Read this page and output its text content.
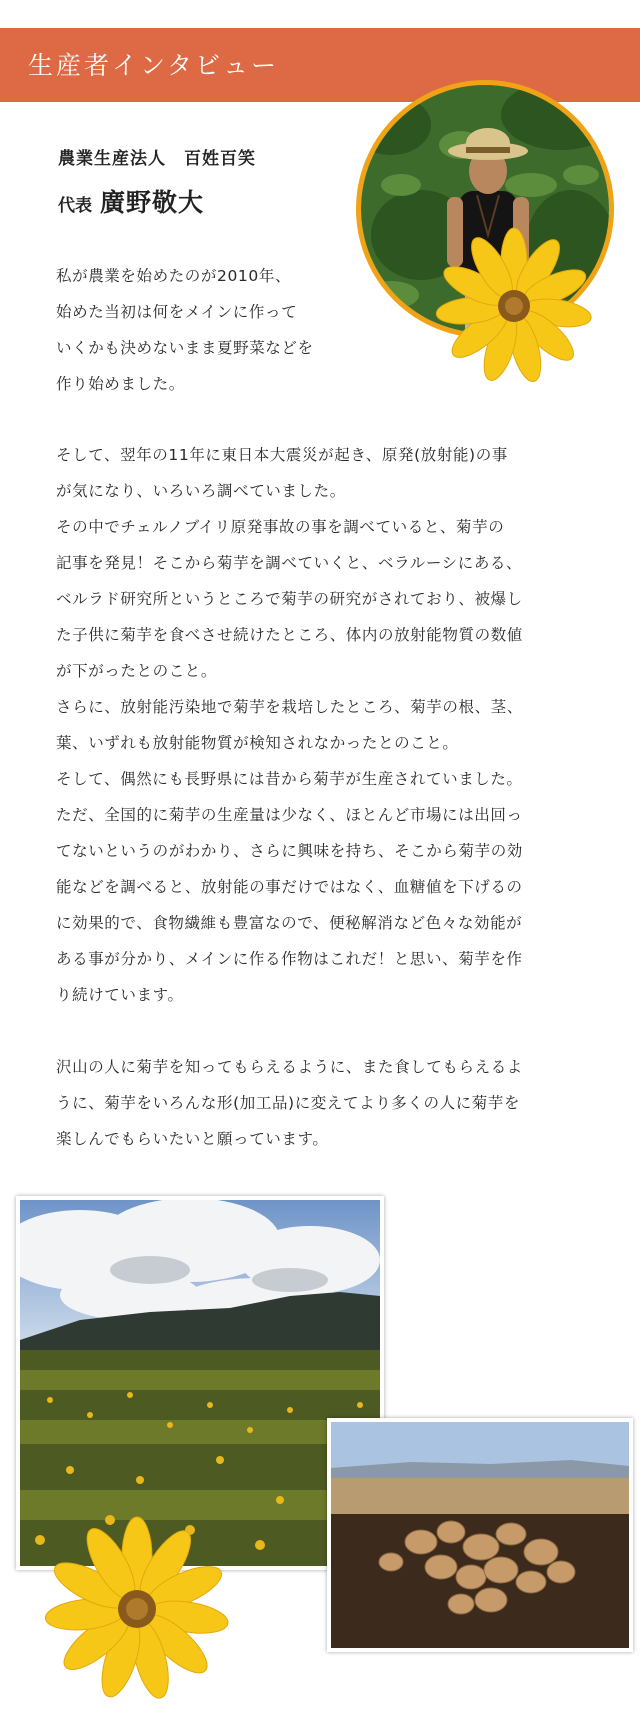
生産者インタビュー
農業生産法人　百姓百笑
代表 廣野敬大
私が農業を始めたのが2010年、
始めた当初は何をメインに作って
いくかも決めないまま夏野菜などを
作り始めました。
そして、翌年の11年に東日本大震災が起き、原発(放射能)の事
が気になり、いろいろ調べていました。
その中でチェルノブイリ原発事故の事を調べていると、菊芋の
記事を発見！そこから菊芋を調べていくと、ベラルーシにある、
ベルラド研究所というところで菊芋の研究がされており、被爆し
た子供に菊芋を食べさせ続けたところ、体内の放射能物質の数値
が下がったとのこと。
さらに、放射能汚染地で菊芋を栽培したところ、菊芋の根、茎、
葉、いずれも放射能物質が検知されなかったとのこと。
そして、偶然にも長野県には昔から菊芋が生産されていました。
ただ、全国的に菊芋の生産量は少なく、ほとんど市場には出回っ
てないというのがわかり、さらに興味を持ち、そこから菊芋の効
能などを調べると、放射能の事だけではなく、血糖値を下げるの
に効果的で、食物繊維も豊富なので、便秘解消など色々な効能が
ある事が分かり、メインに作る作物はこれだ！と思い、菊芋を作
り続けています。
沢山の人に菊芋を知ってもらえるように、また食してもらえるよ
うに、菊芋をいろんな形(加工品)に変えてより多くの人に菊芋を
楽しんでもらいたいと願っています。
